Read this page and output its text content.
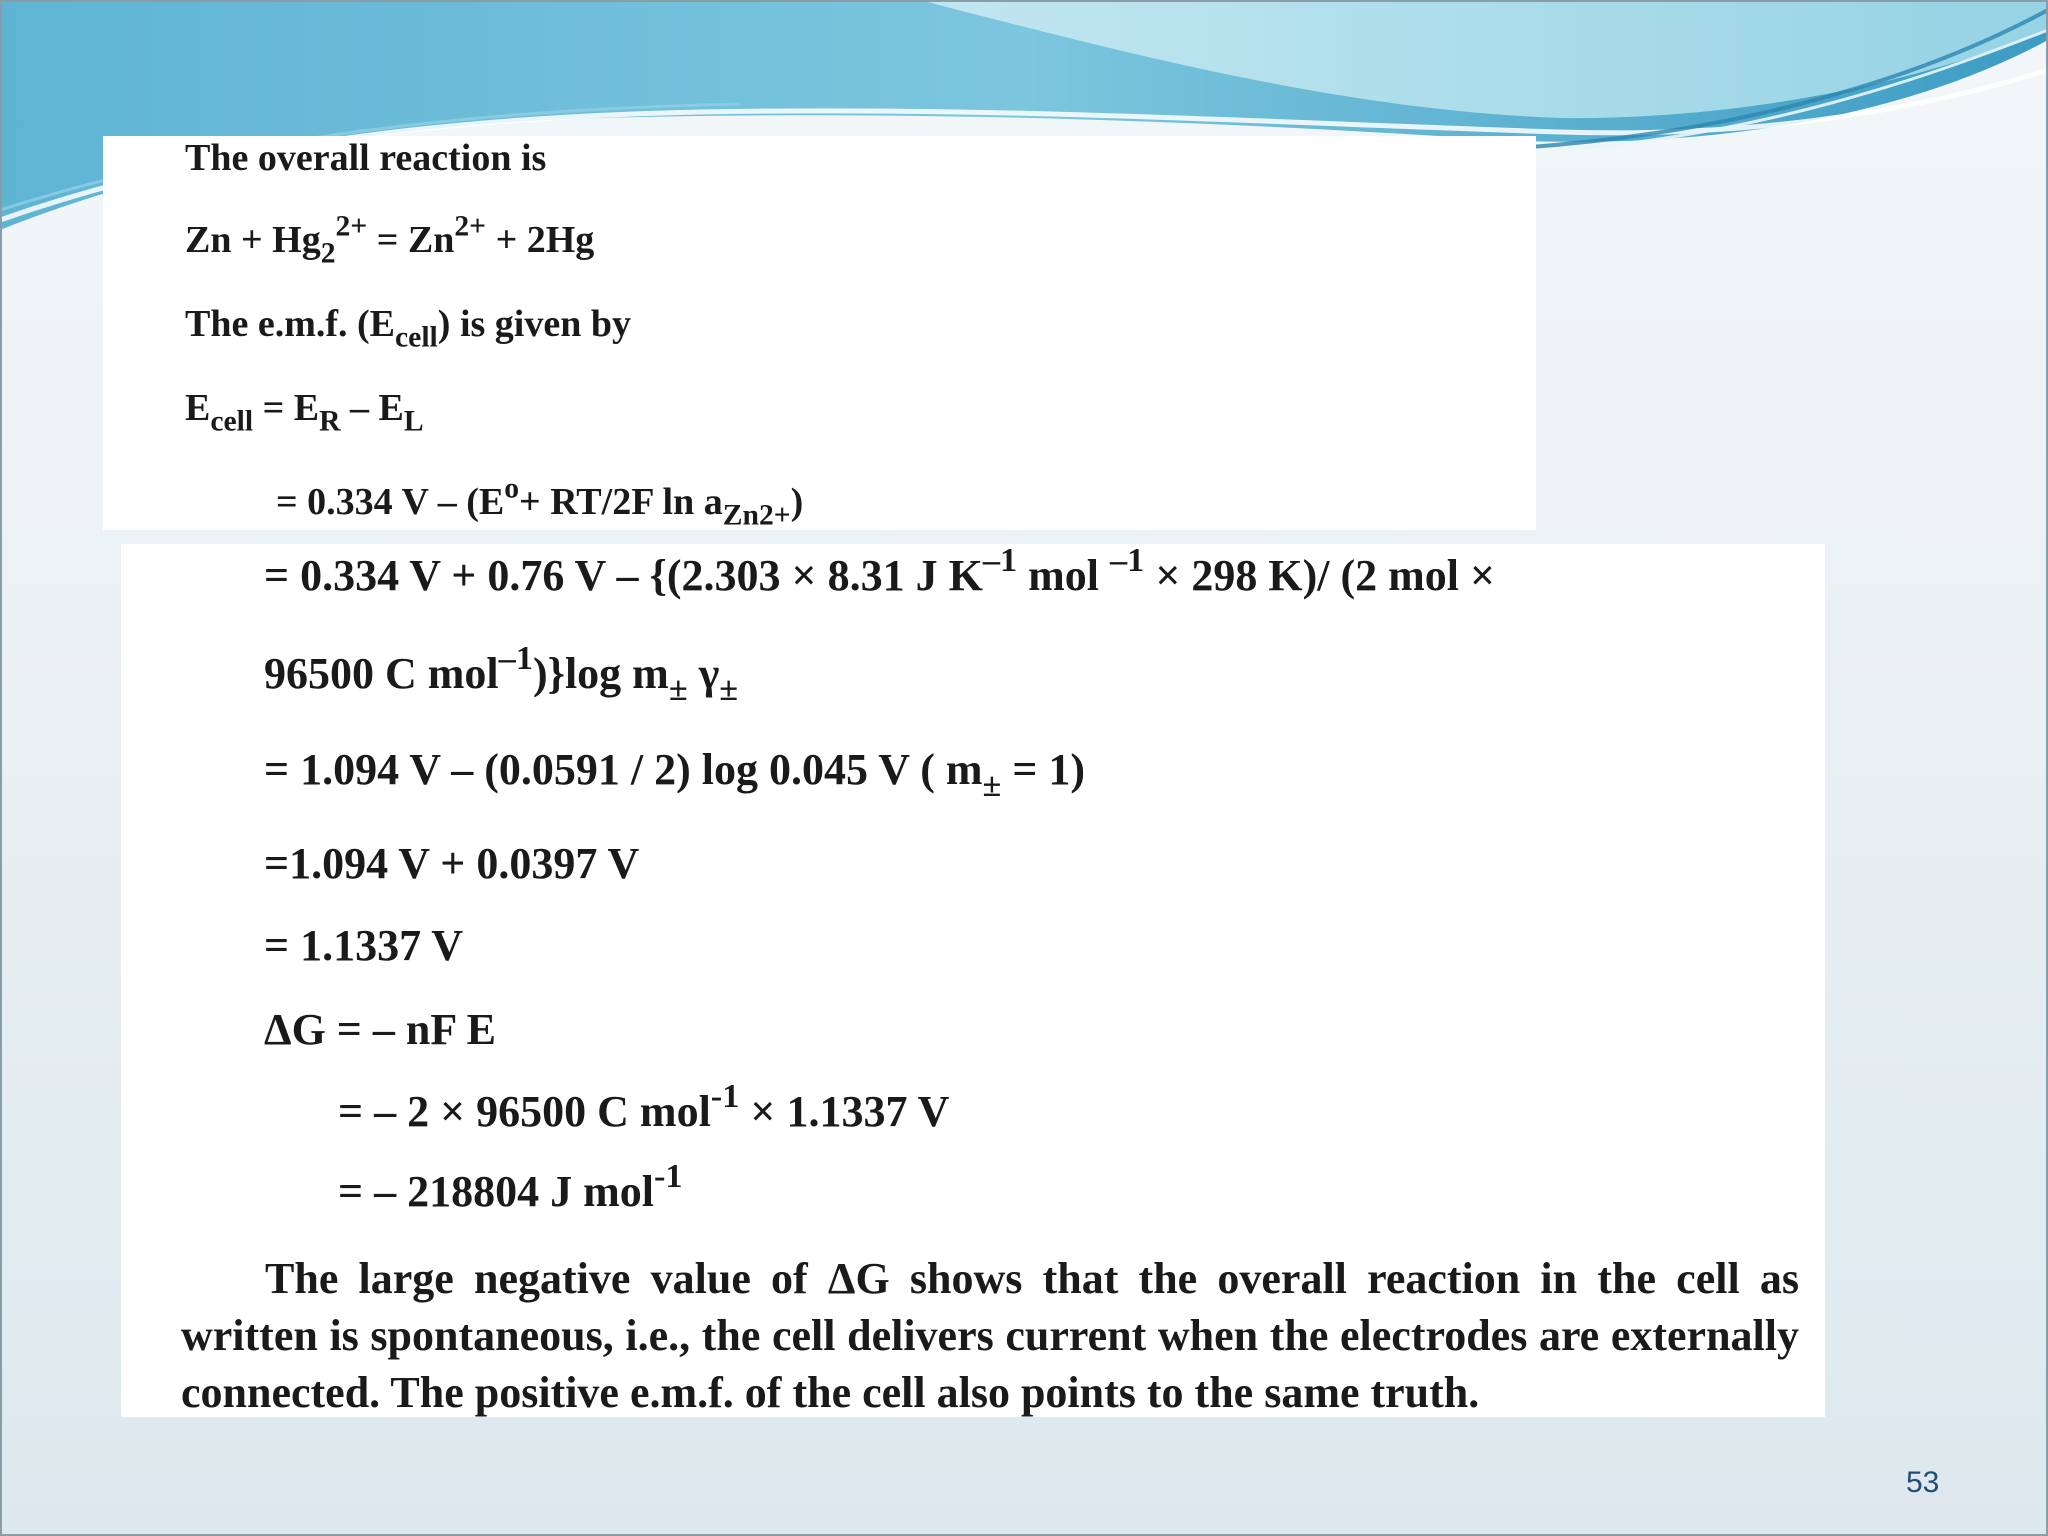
The overall reaction is
$Zn + Hg_2^{2+} = Zn^{2+} + 2Hg$
The e.m.f. $(E_{cell})$ is given by
$E_{cell} = E_R - E_L$
= 0.334 $V - (E^o+ RT/2F$ $\ln a_{Zn2+}$)
= 0.334 V + 0.76 V – {(2.303 × 8.31 J $K^{-1}$ mol $^{-1}$ × 298 K)/ (2 mol ×
96500 C mol$^{-1}$)}log $m_\pm$ $\gamma_\pm$
= 1.094 V – (0.0591 / 2) log 0.045 V ( $m_\pm = 1$)
=1.094 V + 0.0397 V
= 1.1337 V
ΔG = – nF E
= – 2 × 96500 C mol$^{-1}$ × 1.1337 V
= – 218804 J mol$^{-1}$
The large negative value of ΔG shows that the overall reaction in the cell as written is spontaneous, i.e., the cell delivers current when the electrodes are externally connected. The positive e.m.f. of the cell also points to the same truth.
53
